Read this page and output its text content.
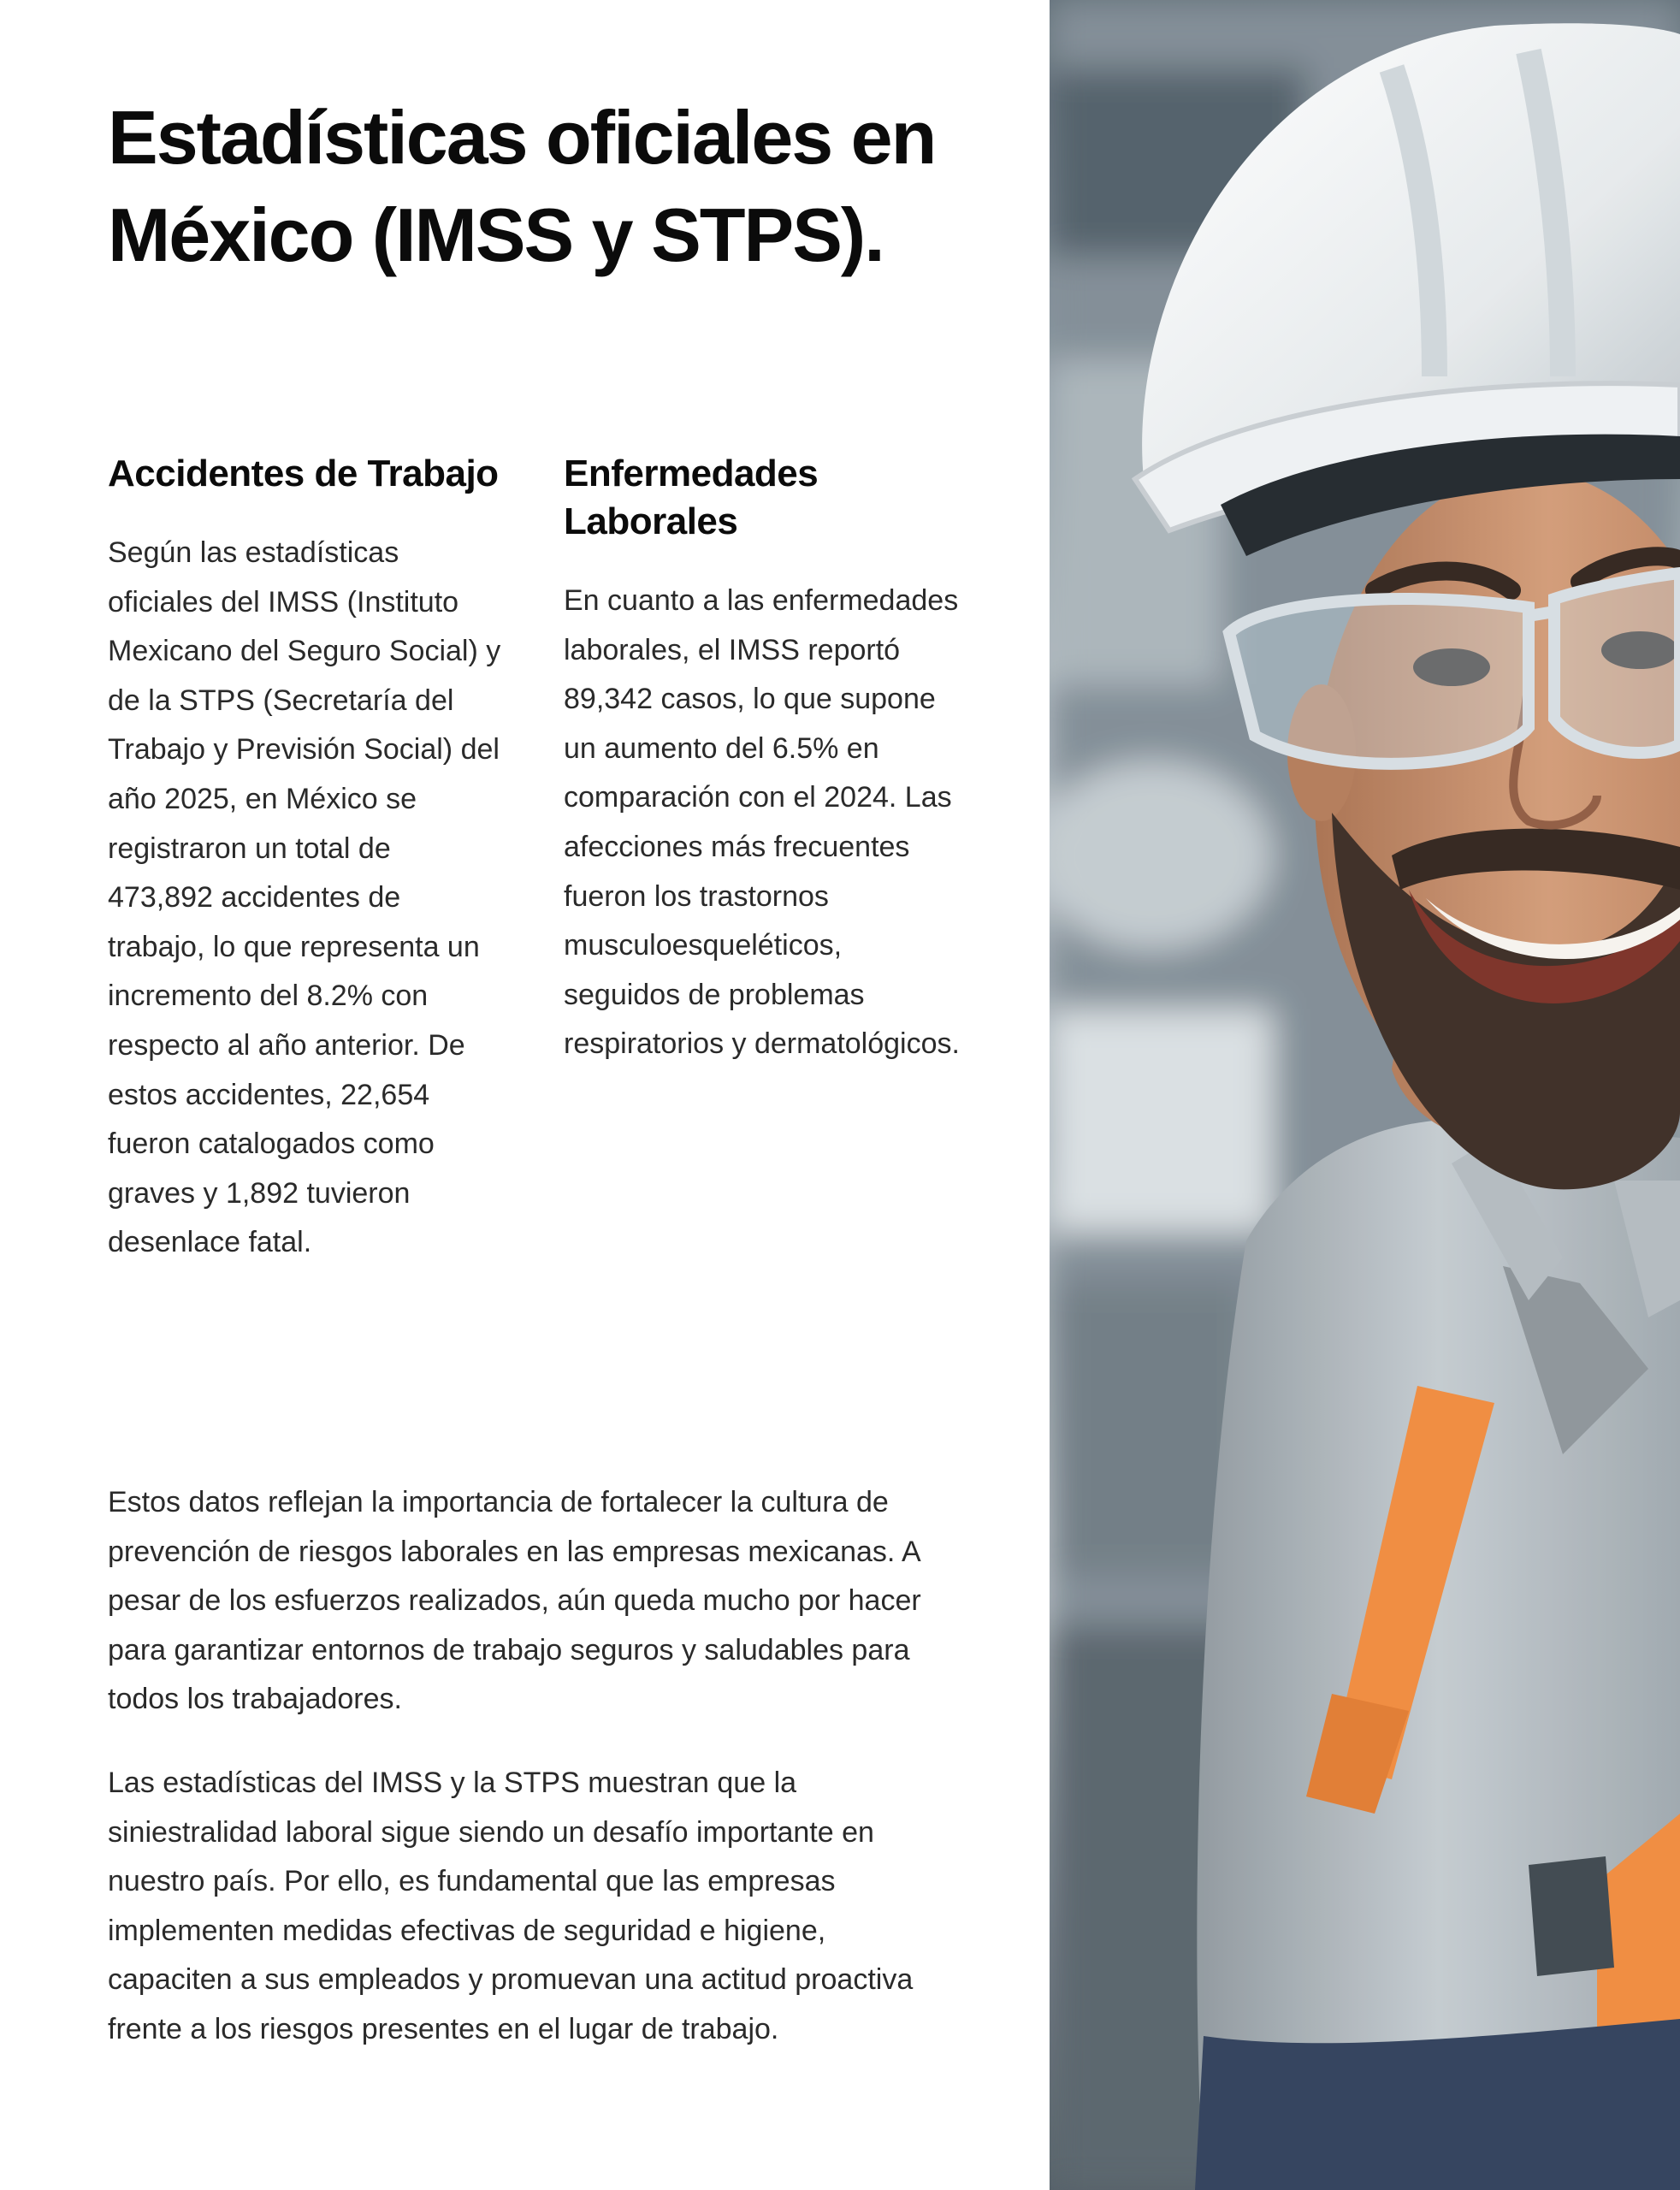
Estadísticas oficiales en México (IMSS y STPS).
Accidentes de Trabajo

Según las estadísticas oficiales del IMSS (Instituto Mexicano del Seguro Social) y de la STPS (Secretaría del Trabajo y Previsión Social) del año 2025, en México se registraron un total de 473,892 accidentes de trabajo, lo que representa un incremento del 8.2% con respecto al año anterior. De estos accidentes, 22,654 fueron catalogados como graves y 1,892 tuvieron desenlace fatal.

Enfermedades Laborales

En cuanto a las enfermedades laborales, el IMSS reportó 89,342 casos, lo que supone un aumento del 6.5% en comparación con el 2024. Las afecciones más frecuentes fueron los trastornos musculoesqueléticos, seguidos de problemas respiratorios y dermatológicos.

Estos datos reflejan la importancia de fortalecer la cultura de prevención de riesgos laborales en las empresas mexicanas. A pesar de los esfuerzos realizados, aún queda mucho por hacer para garantizar entornos de trabajo seguros y saludables para todos los trabajadores.

Las estadísticas del IMSS y la STPS muestran que la siniestralidad laboral sigue siendo un desafío importante en nuestro país. Por ello, es fundamental que las empresas implementen medidas efectivas de seguridad e higiene, capaciten a sus empleados y promuevan una actitud proactiva frente a los riesgos presentes en el lugar de trabajo.
